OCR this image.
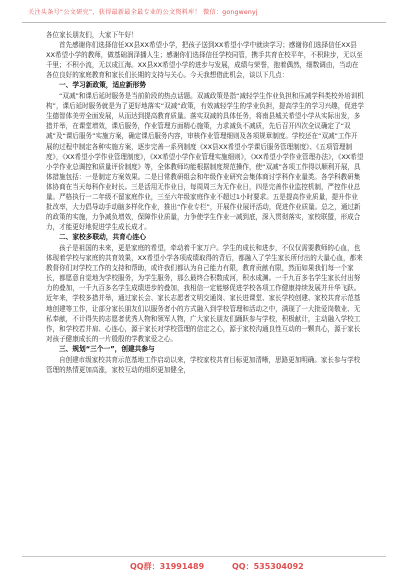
关注头条号“公文研究”，获得最新最全最专业的公文资料库！ 微信：gongwenyj

各位家长朋友们，大家下午好！

首先感谢你们选择信任XX县XX希望小学，把孩子送到XX希望小学中就读学习；感谢你们选择信任XX县XX希望小学的教师，做基础润泽播人生；感谢你们选择信任学校同管，携手共育在校平年，不积跬步，无以至千里；不积小流，无以成江海。XX县XX希望小学的进步与发展，成绩与荣誉，抱着偶然，细数调由，当动在各位良好的家庭教育和家长们长期的支持与关心。今天我想借此机会，谈以下几点：

一、学习新政策，适应新形势

“双减”和课后延时服务是当前阶段的热点话题。双减政策是指“减轻学生作业负担和压减学科类校外培训机构”，课后延时服务就是为了更好地落实“双减”政策，有效减轻学生的学业负担，提高学生的学习兴趣，促进学生德智体美劳全面发展，从而达到提高教育质量。落实双减的具体任务，将南县城关希望小学从实际出发，多措并举，在课堂增效，课后服务，作业管理方面精心施策，力求减负不减质，先后召开四次全议确定了“双减”及“课后服务”实施方案，确定课后服务内容，审核作业管理细则及各项规章制度。学校还在“双减”工作开展的过程中制定各种实施方案，逐步完善一系列制度《XX县XX希望小学课后服务管理制度》、《五项管理制度》，《XX希望小学作业管理制度》，《XX希望小学作业管理实施细则》，《XX希望小学作业管理办法》，《XX希望小学作业总调控和质量评价制度》等，全体教师均能根据制度规范操作，使“双减”各项工作得以顺利开展，具体措施包括：一是制定方案效果。二是日常教研组会和年级作业研究会集体商讨学科作业量类。各学科教研集体协商在当天每科作业时长。三是活用无作业日，每周周三为无作业日，四是完善作业监控机制，严控作业总量。严格执行一二年级不留家庭作业，三至六年级家庭作业不超过1小时要求。五是提高作业质量，提升作业批改率，大力倡导动手动脑多样化作业，推出“作业专栏”，开展作业展评活动，促进作业质量。总之，通过新的政策的实施，力争减负增效，保障作业质量，力争使学生作业一减到底，深入贯彻落实，家校联盟，形成合力，才能更好地促进学生成长成才。

二、家校多联动，共育心连心

孩子是祖国的未来，更是家庭的希望，牵动着千家万户。学生的成长和进步，不仅仅需要教师的心血，也体现着学校与家庭的共育效果，XX希望小学各项成绩取得的背后，都融入了学生家长所付出的大量心血，都来教督你们对学校工作的支持和帮助，或许我们都认为自己能力有限，教育贡献有限，然而如果我们每一个家长，都愿意自觉地为学校服务，为学生服务，那么最终合积数成河，积水成渊。一千九百多名学生家长付出努力的叠加，一千九百多名学生成绩进步的叠加，我相信一定能够促进学校各项工作健康持续发展并升华飞跃。近年来，学校多措并举，通过家长会、家长志愿者文明交通岗、家长进课堂、家长学校创建、家校共育示范基地创建等工作，让部分家长朋友们以服务者小的方式融入到学校管理和活动之中，满现了一大批爱岗敬业、无私奉献，不计得失的志愿者优秀人物和领军人物，广大家长朋友们踊跃参与学校，积极献计，主动融入学校工作，和学校若并肩、心连心，源于家长对学校管理的信定之心，源于家校沟通良性互动的一颗真心，源于家长对孩子健康成长的一片殷殷的学教家爱之心。

三、规划“三个一”，创建共参与

自创建市级家校共育示范基地工作启动以来，学校家校共育目标更加清晰，思路更加明确。家长参与学校管理的热情更加高涨，家校互动的组织更加健全，

QQ群：31991489	QQ：535304092
